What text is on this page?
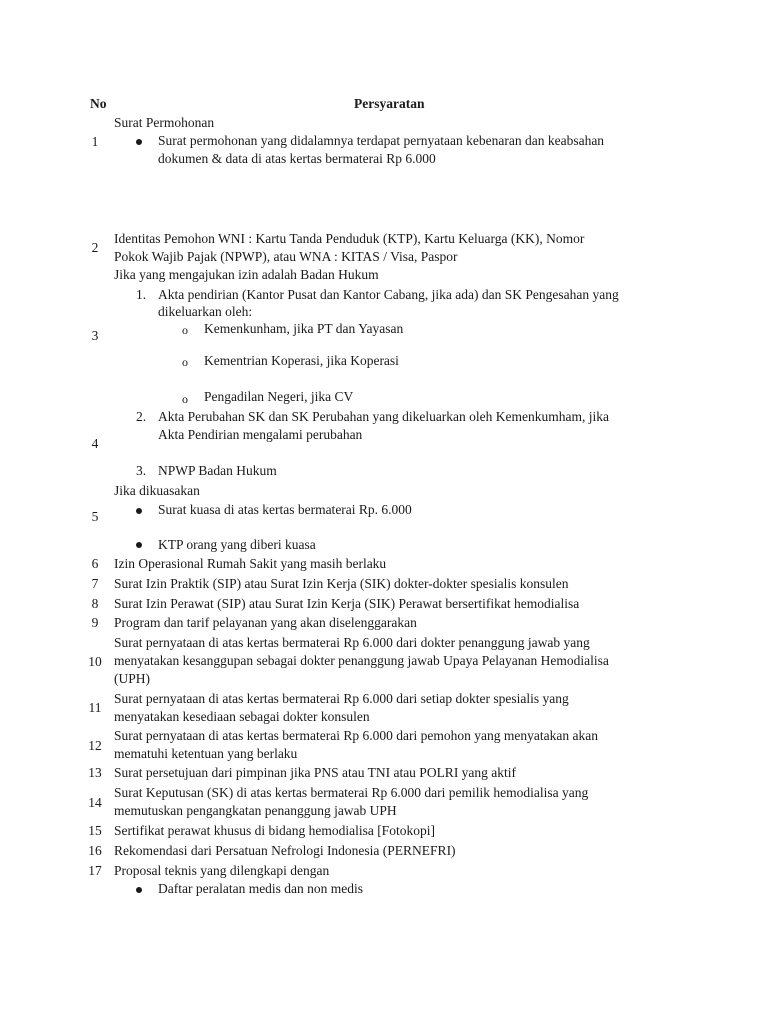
No	Persyaratan
1
2
3
4
5
6
7
8
9
10
11
12
13
14
15
16
17
Surat Permohonan
Surat permohonan yang didalamnya terdapat pernyataan kebenaran dan keabsahan
dokumen & data di atas kertas bermaterai Rp 6.000
Identitas Pemohon WNI : Kartu Tanda Penduduk (KTP), Kartu Keluarga (KK), Nomor
Pokok Wajib Pajak (NPWP), atau WNA : KITAS / Visa, Paspor
Jika yang mengajukan izin adalah Badan Hukum
1. Akta pendirian (Kantor Pusat dan Kantor Cabang, jika ada) dan SK Pengesahan yang
dikeluarkan oleh:
o Kemenkunham, jika PT dan Yayasan
o Kementrian Koperasi, jika Koperasi
o Pengadilan Negeri, jika CV
2. Akta Perubahan SK dan SK Perubahan yang dikeluarkan oleh Kemenkumham, jika
Akta Pendirian mengalami perubahan
3. NPWP Badan Hukum
Jika dikuasakan
Surat kuasa di atas kertas bermaterai Rp. 6.000
KTP orang yang diberi kuasa
Izin Operasional Rumah Sakit yang masih berlaku
Surat Izin Praktik (SIP) atau Surat Izin Kerja (SIK) dokter-dokter spesialis konsulen
Surat Izin Perawat (SIP) atau Surat Izin Kerja (SIK) Perawat bersertifikat hemodialisa
Program dan tarif pelayanan yang akan diselenggarakan
Surat pernyataan di atas kertas bermaterai Rp 6.000 dari dokter penanggung jawab yang
menyatakan kesanggupan sebagai dokter penanggung jawab Upaya Pelayanan Hemodialisa
(UPH)
Surat pernyataan di atas kertas bermaterai Rp 6.000 dari setiap dokter spesialis yang
menyatakan kesediaan sebagai dokter konsulen
Surat pernyataan di atas kertas bermaterai Rp 6.000 dari pemohon yang menyatakan akan
mematuhi ketentuan yang berlaku
Surat persetujuan dari pimpinan jika PNS atau TNI atau POLRI yang aktif
Surat Keputusan (SK) di atas kertas bermaterai Rp 6.000 dari pemilik hemodialisa yang
memutuskan pengangkatan penanggung jawab UPH
Sertifikat perawat khusus di bidang hemodialisa [Fotokopi]
Rekomendasi dari Persatuan Nefrologi Indonesia (PERNEFRI)
Proposal teknis yang dilengkapi dengan
Daftar peralatan medis dan non medis
